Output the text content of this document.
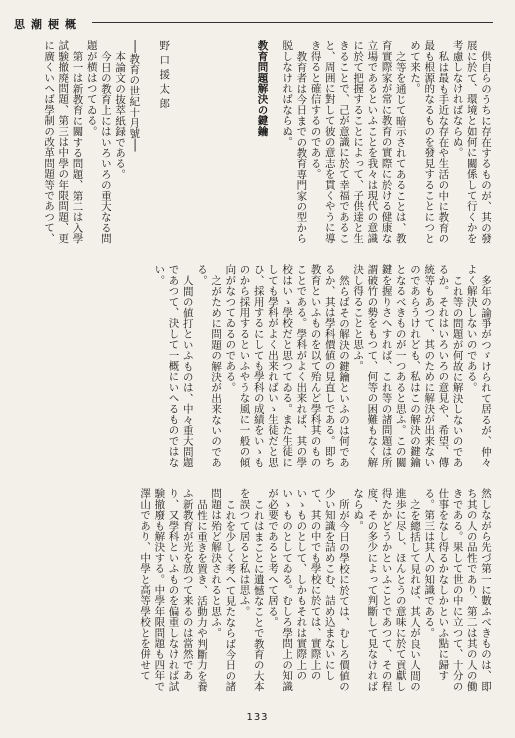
思潮梗概

供自らのうちに存在するものが、其の發展に於て、環境と如何に關係して行くかを考慮しなければならぬ。

私は最も手近な存在や生活の中に教育の最も根源的なるものを發見することにつとめて来た。

之等を通じて暗示されてあることは、教育實際家が常に教育の實際に於ける健康な立場であるといふことを我々は現代の意識に於て把握することによって、子供達と生きることで、己が意識に於て幸福であること、周囲に對して彼の意志を貫くやうに導き得ると確信するのである。

教育者は今日までの教育専門家の型から脱しなければならぬ。

教育問題解決の鍵鑰

野口援太郎

──教育の世紀十月號──

本論文の抜萃紙録である。

今日の教育上にはいろいろの重大なる問題が横はつてゐる。

第一は新教育に關する問題、第二は入學試験撤廃問題、第三は中學の年限問題、更に廣くいへば學制の改革問題等であつて、

多年の論爭がつゞけられて居るが、仲々よく解決しないのである。

これ等の問題が何故に解決しないのであるか。それはいろいろの意見や、希望、傳統等もあつて、其のために解決が出来ないのであらうけれども、私はこの解決の鍵鑰となるべきものが一つあると思ふ。この關鍵を握りさへすれば、これ等の諸問題は所謂破竹の勢をもつて、何等の困難もなく解決し得ることと思ふ。

然らばその解決の鍵鑰といふのは何であるか、其は學科價値の見直しである。即ち教育といふものを以て殆んど學科其のものことである。學科がよく出来れば、其の學校はいゝ學校だと思つてゐる。また生徒にしても學科がよく出来ればいゝ生徒だと思ひ、採用するにしても學科の成績をいゝものから採用するといふやうな風に一般の傾向がなつてゐるのである。

之がために問題の解決が出来ないのである。

人間の値打といふものは、中々重大問題であつて、決して一概にいへるものではない。

然しながら先づ第一に數ふべきものは、即ち其の人の品性であり、第二は其の人の働きである。果して世の中に立つて、十分の仕事をなし得るかなしかといふ點に歸する。第三は其人の知識である。

之を總括して見れば、其人が良い人間の進歩に尽し、ほんとうの意味に於て貢獻し得たかどうかといふことであつて、その程度、その多少によって判斷して見なければならぬ。

所が今日の學校に於ては、むしろ價値の少い知識を詰めこむ、詰め込まないにして、其の中でも學校に於ては、實際上のいゝものとして、しかもそれは實際上のいゝものとしてゐる。むしろ學問上の知識が必要であると考へて居る。

これはまことに遺憾なことで教育の大本を誤つて居ると私は思ふ。

これを少しく考へて見たならば今日の諸問題は殆ど解決されると思ふ。

品性に重きを置き、活動力や判斷力を養ふ新教育が光を放つて来るのは當然であり、又學科といふものを偏重しなければ試験撤廢も解決する。中學年限問題も四年で澤山であり、中學と高等學校とを併せて

133
